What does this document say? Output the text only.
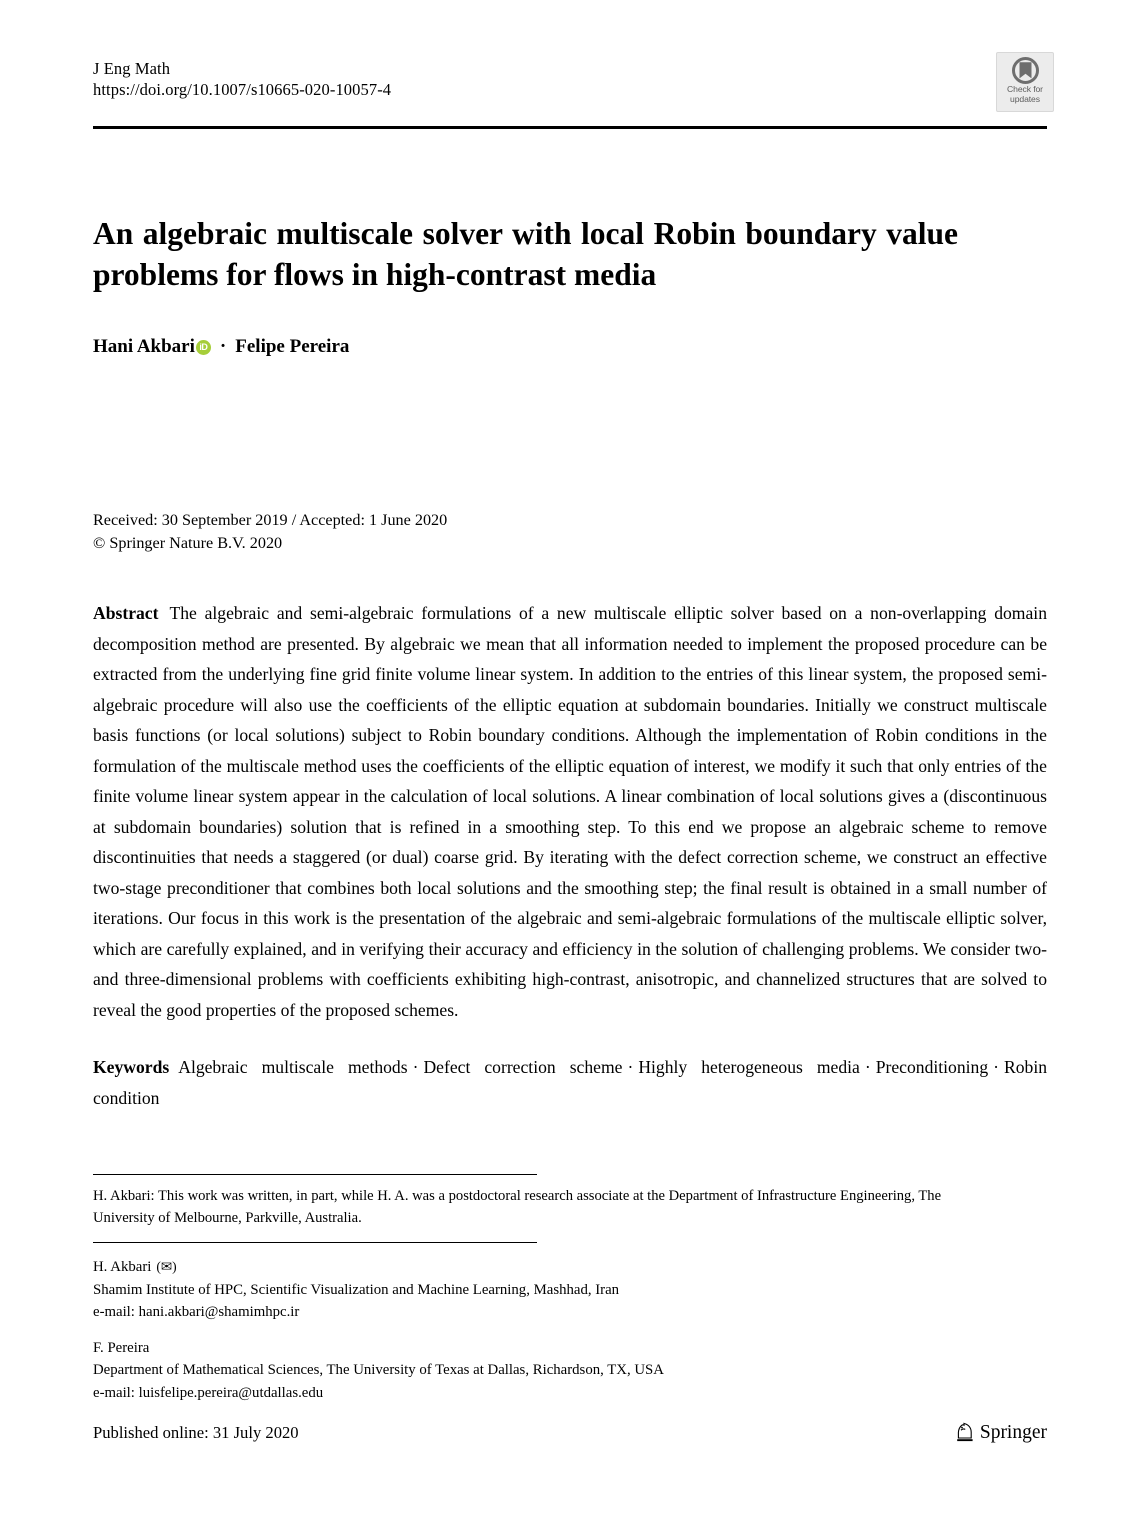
J Eng Math
https://doi.org/10.1007/s10665-020-10057-4	Check for
updates
An algebraic multiscale solver with local Robin boundary value problems for flows in high-contrast media
Hani Akbari iD · Felipe Pereira
Received: 30 September 2019 / Accepted: 1 June 2020
© Springer Nature B.V. 2020
Abstract The algebraic and semi-algebraic formulations of a new multiscale elliptic solver based on a non-overlapping domain decomposition method are presented. By algebraic we mean that all information needed to implement the proposed procedure can be extracted from the underlying fine grid finite volume linear system. In addition to the entries of this linear system, the proposed semi-algebraic procedure will also use the coefficients of the elliptic equation at subdomain boundaries. Initially we construct multiscale basis functions (or local solutions) subject to Robin boundary conditions. Although the implementation of Robin conditions in the formulation of the multiscale method uses the coefficients of the elliptic equation of interest, we modify it such that only entries of the finite volume linear system appear in the calculation of local solutions. A linear combination of local solutions gives a (discontinuous at subdomain boundaries) solution that is refined in a smoothing step. To this end we propose an algebraic scheme to remove discontinuities that needs a staggered (or dual) coarse grid. By iterating with the defect correction scheme, we construct an effective two-stage preconditioner that combines both local solutions and the smoothing step; the final result is obtained in a small number of iterations. Our focus in this work is the presentation of the algebraic and semi-algebraic formulations of the multiscale elliptic solver, which are carefully explained, and in verifying their accuracy and efficiency in the solution of challenging problems. We consider two- and three-dimensional problems with coefficients exhibiting high-contrast, anisotropic, and channelized structures that are solved to reveal the good properties of the proposed schemes.
Keywords Algebraic multiscale methods · Defect correction scheme · Highly heterogeneous media · Preconditioning · Robin condition
H. Akbari: This work was written, in part, while H. A. was a postdoctoral research associate at the Department of Infrastructure Engineering, The University of Melbourne, Parkville, Australia.
H. Akbari (✉)
Shamim Institute of HPC, Scientific Visualization and Machine Learning, Mashhad, Iran
e-mail: hani.akbari@shamimhpc.ir
F. Pereira
Department of Mathematical Sciences, The University of Texas at Dallas, Richardson, TX, USA
e-mail: luisfelipe.pereira@utdallas.edu
Published online: 31 July 2020	Springer
